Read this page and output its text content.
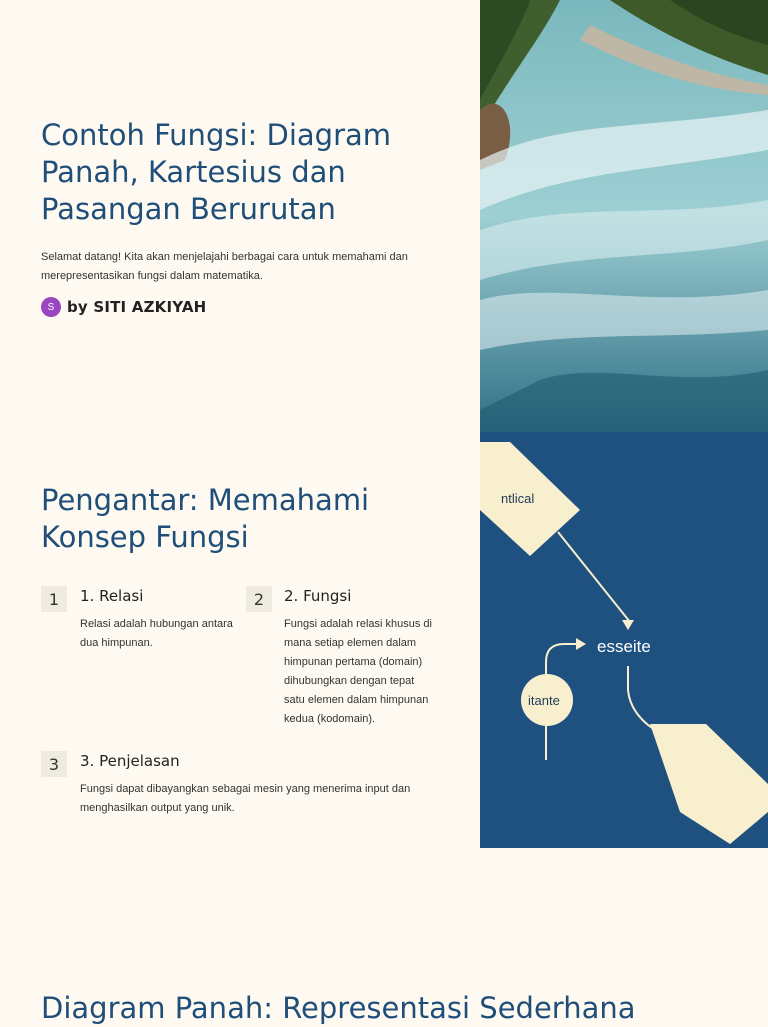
Contoh Fungsi: Diagram Panah, Kartesius dan Pasangan Berurutan

Selamat datang! Kita akan menjelajahi berbagai cara untuk memahami dan merepresentasikan fungsi dalam matematika.

S by SITI AZKIYAH
ntlical
esseite
itante
Pengantar: Memahami Konsep Fungsi
1	1. Relasi

Relasi adalah hubungan antara dua himpunan.

2	2. Fungsi

Fungsi adalah relasi khusus di mana setiap elemen dalam himpunan pertama (domain) dihubungkan dengan tepat satu elemen dalam himpunan kedua (kodomain).

3	3. Penjelasan

Fungsi dapat dibayangkan sebagai mesin yang menerima input dan menghasilkan output yang unik.

Diagram Panah: Representasi Sederhana
